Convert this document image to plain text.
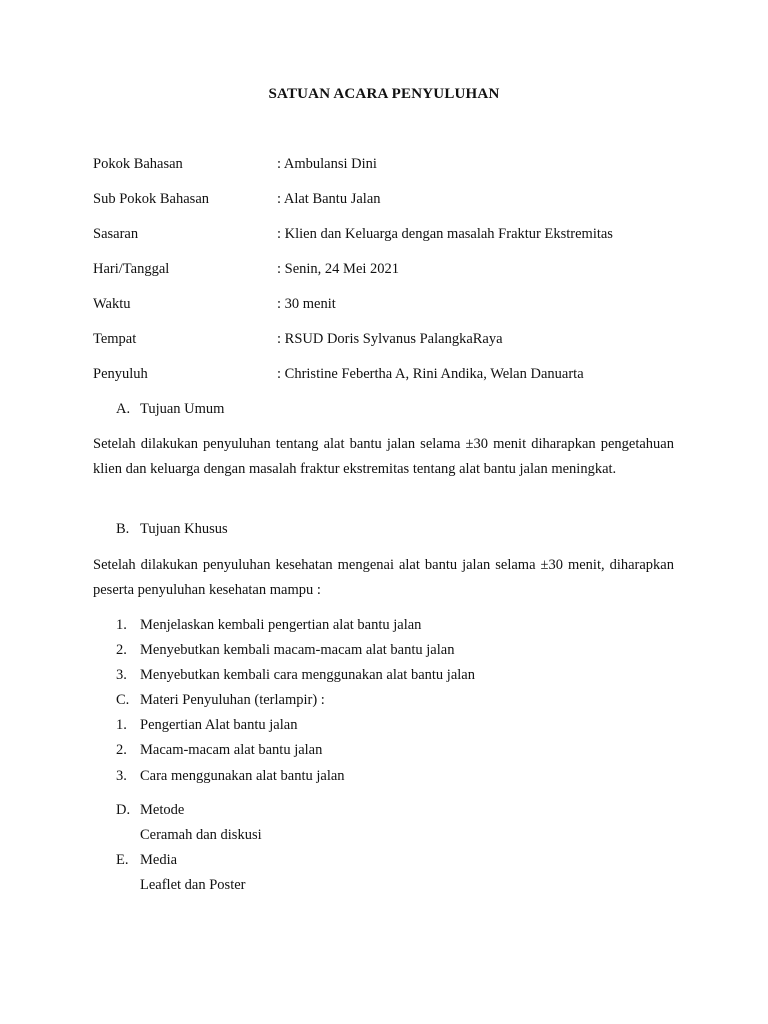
SATUAN ACARA PENYULUHAN
Pokok Bahasan	: Ambulansi Dini
Sub Pokok Bahasan	: Alat Bantu Jalan
Sasaran	: Klien dan Keluarga dengan masalah Fraktur Ekstremitas
Hari/Tanggal	: Senin, 24 Mei 2021
Waktu	: 30 menit
Tempat	: RSUD Doris Sylvanus PalangkaRaya
Penyuluh	: Christine Febertha A, Rini Andika, Welan Danuarta
A. Tujuan Umum

Setelah dilakukan penyuluhan tentang alat bantu jalan selama ±30 menit diharapkan pengetahuan klien dan keluarga dengan masalah fraktur ekstremitas tentang alat bantu jalan meningkat.

B. Tujuan Khusus

Setelah dilakukan penyuluhan kesehatan mengenai alat bantu jalan selama ±30 menit, diharapkan peserta penyuluhan kesehatan mampu :

1. Menjelaskan kembali pengertian alat bantu jalan
2. Menyebutkan kembali macam-macam alat bantu jalan
3. Menyebutkan kembali cara menggunakan alat bantu jalan
C. Materi Penyuluhan (terlampir) :
1. Pengertian Alat bantu jalan
2. Macam-macam alat bantu jalan
3. Cara menggunakan alat bantu jalan
D. Metode
Ceramah dan diskusi
E. Media
Leaflet dan Poster
